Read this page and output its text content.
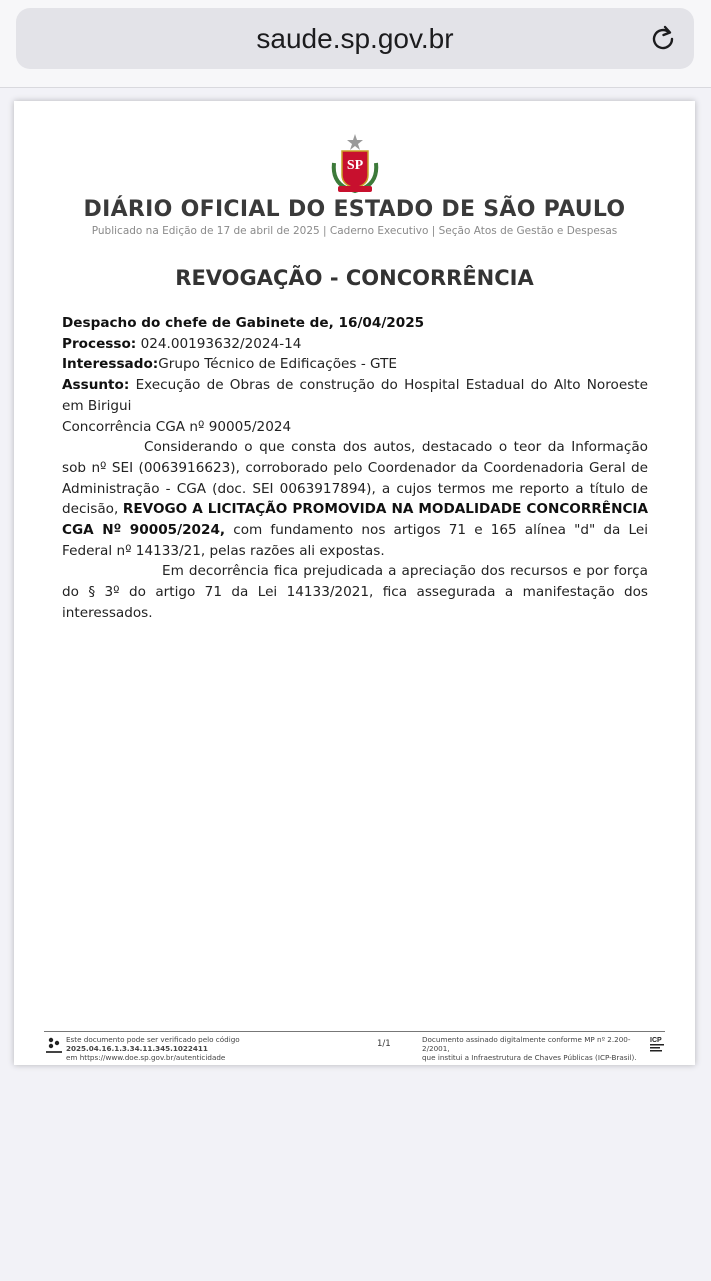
saude.sp.gov.br
SP
DIÁRIO OFICIAL DO ESTADO DE SÃO PAULO
Publicado na Edição de 17 de abril de 2025 | Caderno Executivo | Seção Atos de Gestão e Despesas
REVOGAÇÃO - CONCORRÊNCIA

Despacho do chefe de Gabinete de, 16/04/2025

Processo: 024.00193632/2024-14

Interessado:Grupo Técnico de Edificações - GTE

Assunto: Execução de Obras de construção do Hospital Estadual do Alto Noroeste em Birigui

Concorrência CGA nº 90005/2024

Considerando o que consta dos autos, destacado o teor da Informação sob nº SEI (0063916623), corroborado pelo Coordenador da Coordenadoria Geral de Administração - CGA (doc. SEI 0063917894), a cujos termos me reporto a título de decisão, REVOGO A LICITAÇÃO PROMOVIDA NA MODALIDADE CONCORRÊNCIA CGA Nº 90005/2024, com fundamento nos artigos 71 e 165 alínea "d" da Lei Federal nº 14133/21, pelas razões ali expostas.

Em decorrência fica prejudicada a apreciação dos recursos e por força do § 3º do artigo 71 da Lei 14133/2021, fica assegurada a manifestação dos interessados.

Este documento pode ser verificado pelo código 2025.04.16.1.3.34.11.345.1022411
em https://www.doe.sp.gov.br/autenticidade
1/1	Documento assinado digitalmente conforme MP nº 2.200-2/2001,
que institui a Infraestrutura de Chaves Públicas (ICP-Brasil).
ICP
